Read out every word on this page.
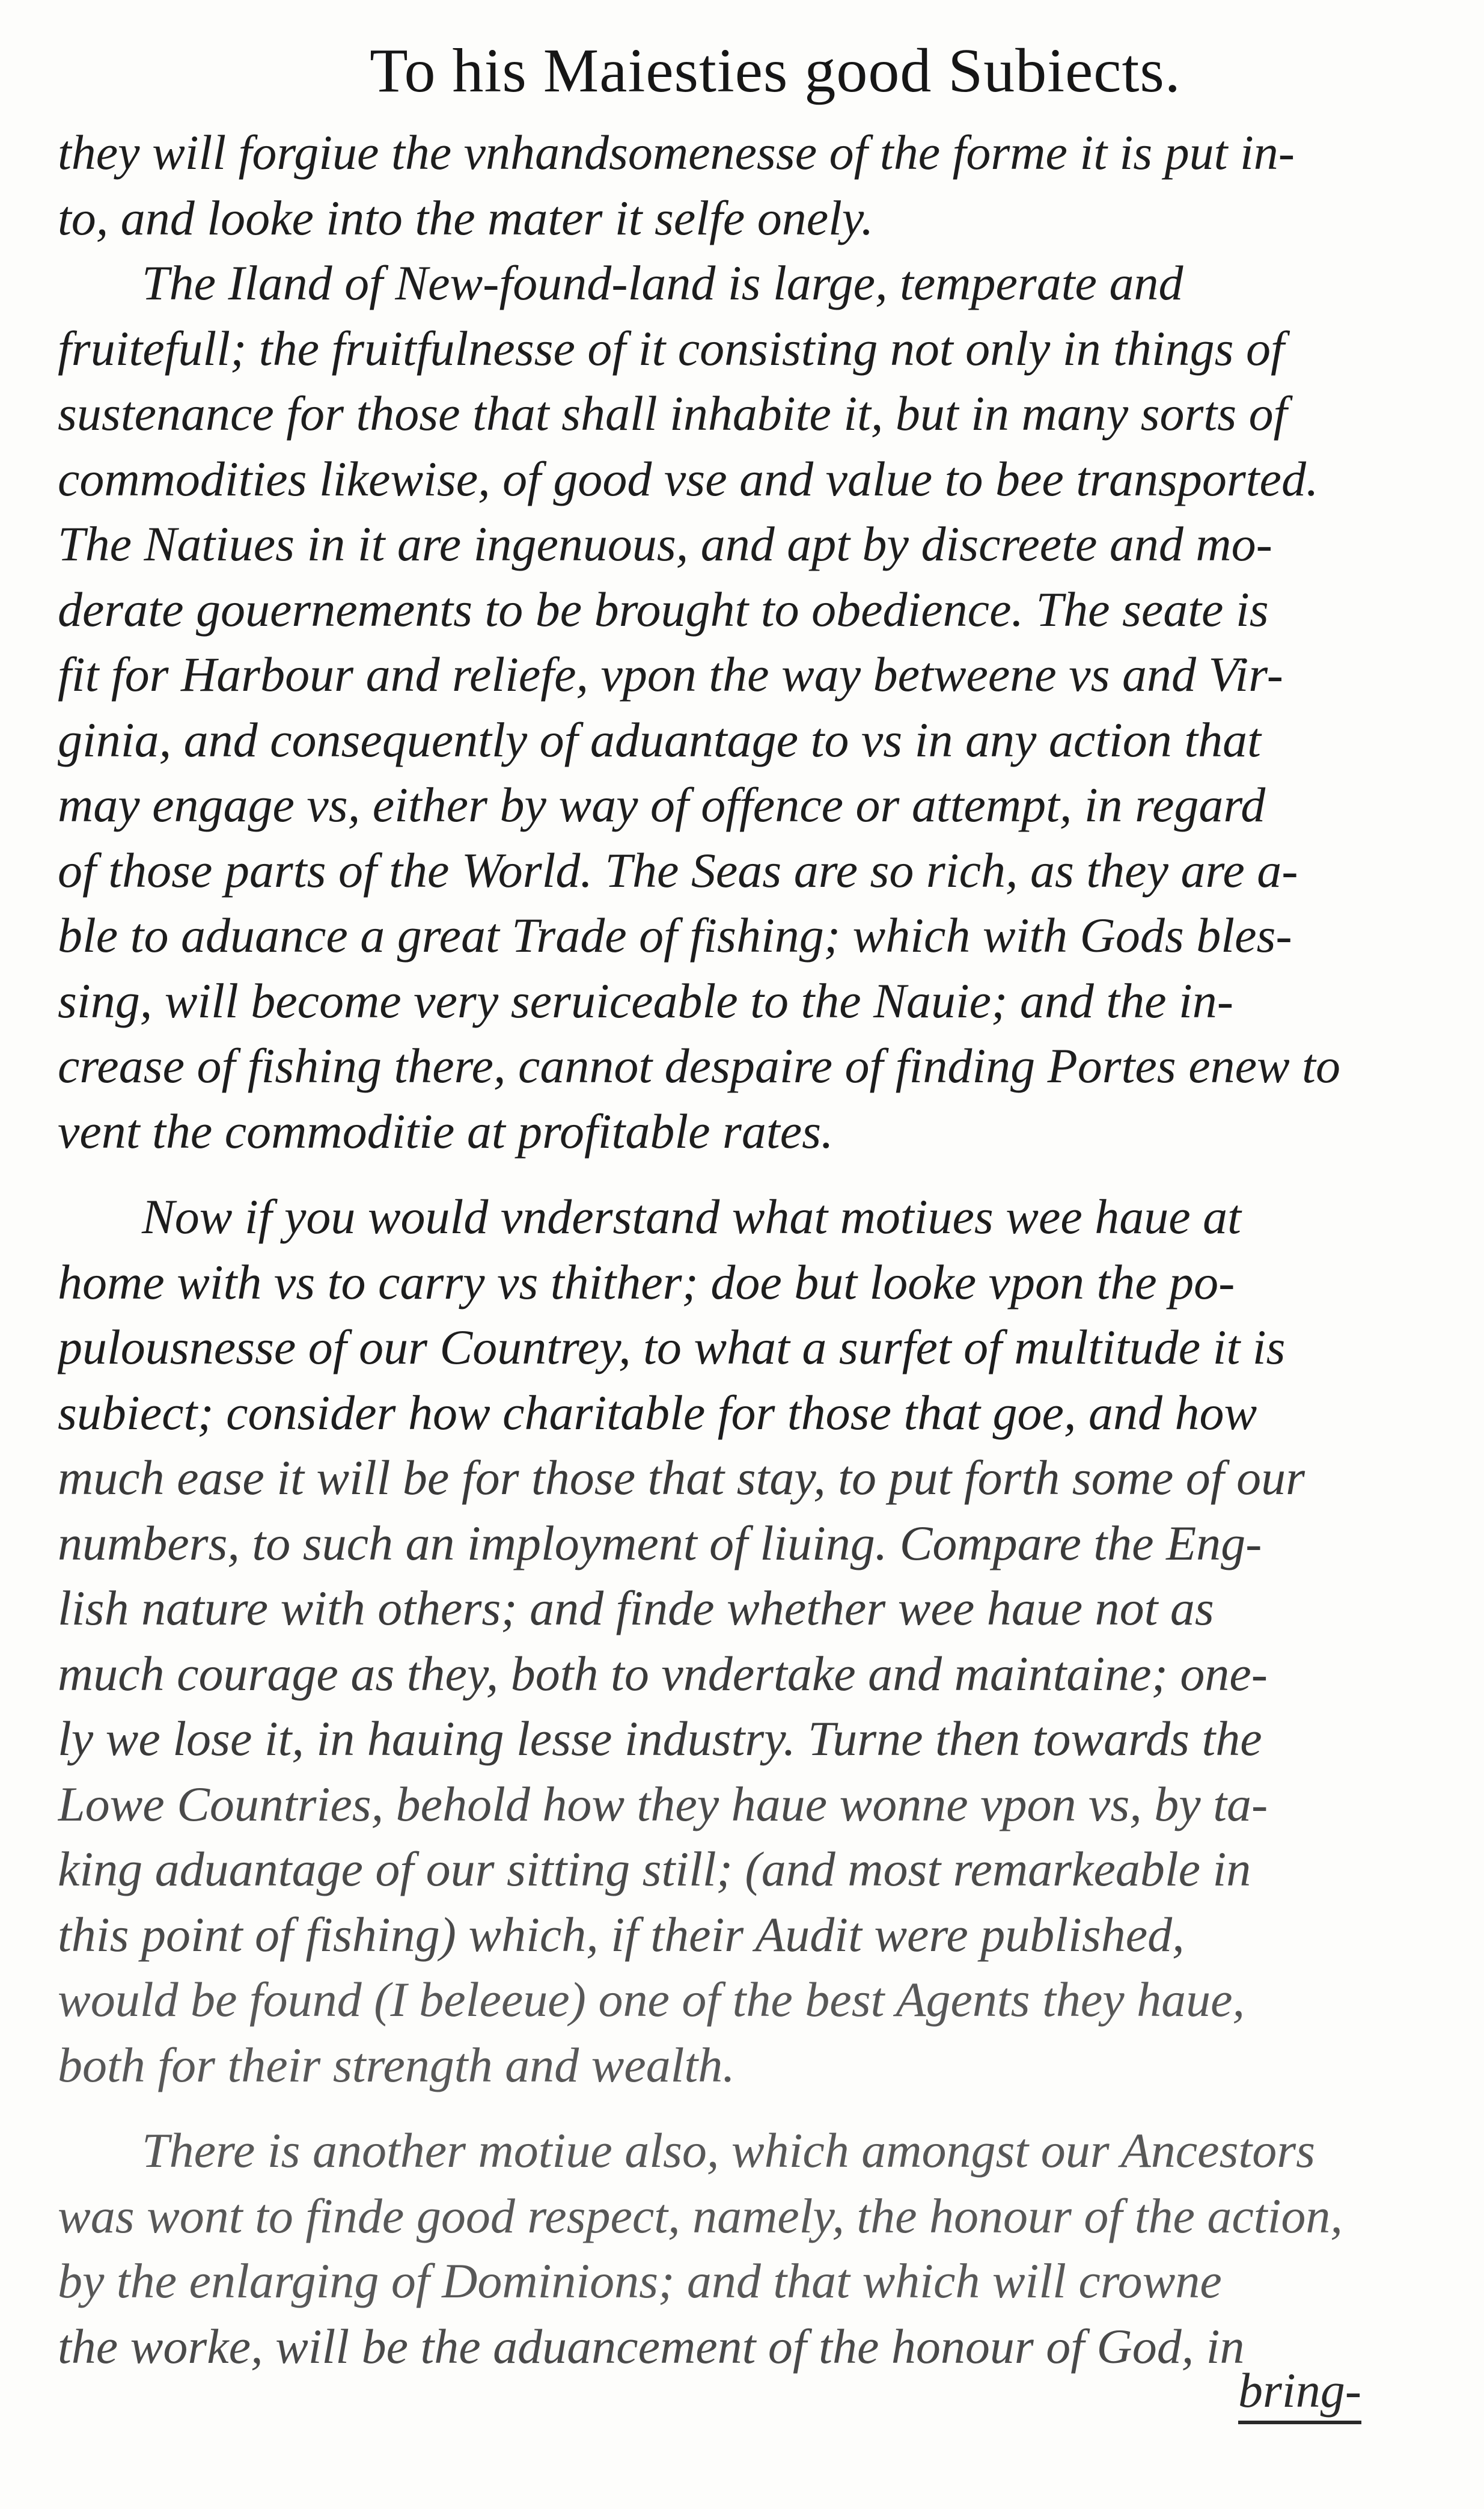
To his Maiesties good Subiects.
they will forgiue the vnhandsomenesse of the forme it is put in-
to, and looke into the mater it selfe onely.
The Iland of New-found-land is large, temperate and
fruitefull; the fruitfulnesse of it consisting not only in things of
sustenance for those that shall inhabite it, but in many sorts of
commodities likewise, of good vse and value to bee transported.
The Natiues in it are ingenuous, and apt by discreete and mo-
derate gouernements to be brought to obedience. The seate is
fit for Harbour and reliefe, vpon the way betweene vs and Vir-
ginia, and consequently of aduantage to vs in any action that
may engage vs, either by way of offence or attempt, in regard
of those parts of the World. The Seas are so rich, as they are a-
ble to aduance a great Trade of fishing; which with Gods bles-
sing, will become very seruiceable to the Nauie; and the in-
crease of fishing there, cannot despaire of finding Portes enew to
vent the commoditie at profitable rates.
Now if you would vnderstand what motiues wee haue at
home with vs to carry vs thither; doe but looke vpon the po-
pulousnesse of our Countrey, to what a surfet of multitude it is
subiect; consider how charitable for those that goe, and how
much ease it will be for those that stay, to put forth some of our
numbers, to such an imployment of liuing. Compare the Eng-
lish nature with others; and finde whether wee haue not as
much courage as they, both to vndertake and maintaine; one-
ly we lose it, in hauing lesse industry. Turne then towards the
Lowe Countries, behold how they haue wonne vpon vs, by ta-
king aduantage of our sitting still; (and most remarkeable in
this point of fishing) which, if their Audit were published,
would be found (I beleeue) one of the best Agents they haue,
both for their strength and wealth.
There is another motiue also, which amongst our Ancestors
was wont to finde good respect, namely, the honour of the action,
by the enlarging of Dominions; and that which will crowne
the worke, will be the aduancement of the honour of God, in
bring-
